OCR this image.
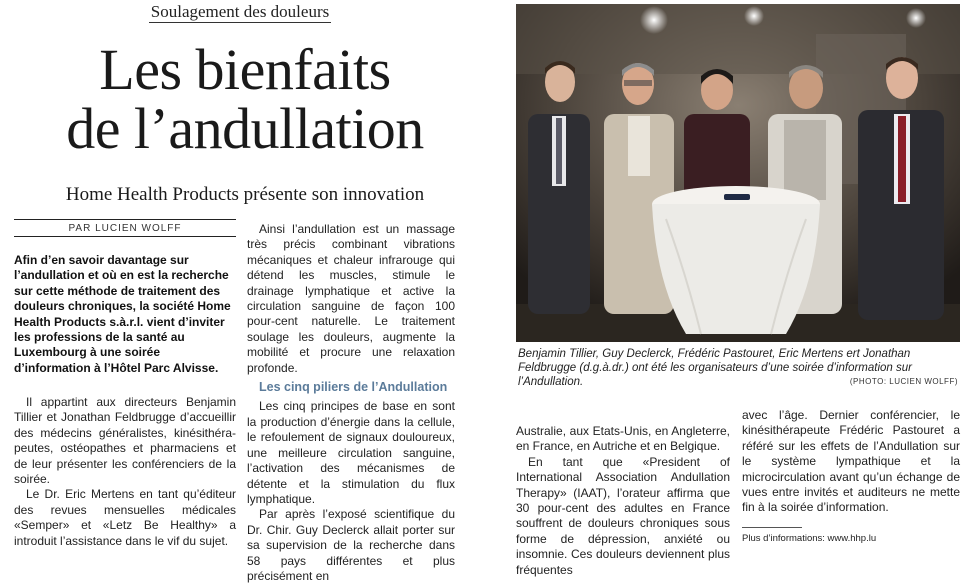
Soulagement des douleurs
Les bienfaits
de l’andullation
Home Health Products présente son innovation
PAR LUCIEN WOLFF
Afin d’en savoir davantage sur l’andullation et où en est la recherche sur cette méthode de traitement des douleurs chroniques, la société Home Health Products s.à.r.l. vient d’inviter les professions de la santé au Luxembourg à une soirée d’information à l’Hôtel Parc Alvisse.

Il appartint aux directeurs Benjamin Tillier et Jonathan Feldbrugge d’accueillir des médecins généralistes, kinésithéra-peutes, ostéopathes et pharmaciens et de leur présenter les conférenciers de la soirée.

Le Dr. Eric Mertens en tant qu’éditeur des revues mensuelles médicales «Semper» et «Letz Be Healthy» a introduit l’assistance dans le vif du sujet.

Ainsi l’andullation est un massage très précis combinant vibrations mécaniques et chaleur infrarouge qui détend les muscles, stimule le drainage lymphatique et active la circulation sanguine de façon 100 pour-cent naturelle. Le traitement soulage les douleurs, augmente la mobilité et procure une relaxation profonde.

Les cinq piliers de l’Andullation

Les cinq principes de base en sont la production d’énergie dans la cellule, le refoulement de signaux douloureux, une meilleure circulation sanguine, l’activation des mécanismes de détente et la stimulation du flux lymphatique.

Par après l’exposé scientifique du Dr. Chir. Guy Declerck allait porter sur sa supervision de la recherche dans 58 pays différentes et plus précisément en

Benjamin Tillier, Guy Declerck, Frédéric Pastouret, Eric Mertens ert Jonathan Feldbrugge (d.g.à.dr.) ont été les organisateurs d’une soirée d’information sur l’Andullation.	(PHOTO: LUCIEN WOLFF)

Australie, aux Etats-Unis, en Angleterre, en France, en Autriche et en Belgique.

En tant que «President of International Association Andullation Therapy» (IAAT), l’orateur affirma que 30 pour-cent des adultes en France souffrent de douleurs chroniques sous forme de dépression, anxiété ou insomnie. Ces douleurs deviennent plus fréquentes

avec l’âge. Dernier conférencier, le kinésithérapeute Frédéric Pastouret a référé sur les effets de l’Andullation sur le système lympathique et la microcirculation avant qu’un échange de vues entre invités et auditeurs ne mette fin à la soirée d’information.

Plus d’informations: www.hhp.lu
